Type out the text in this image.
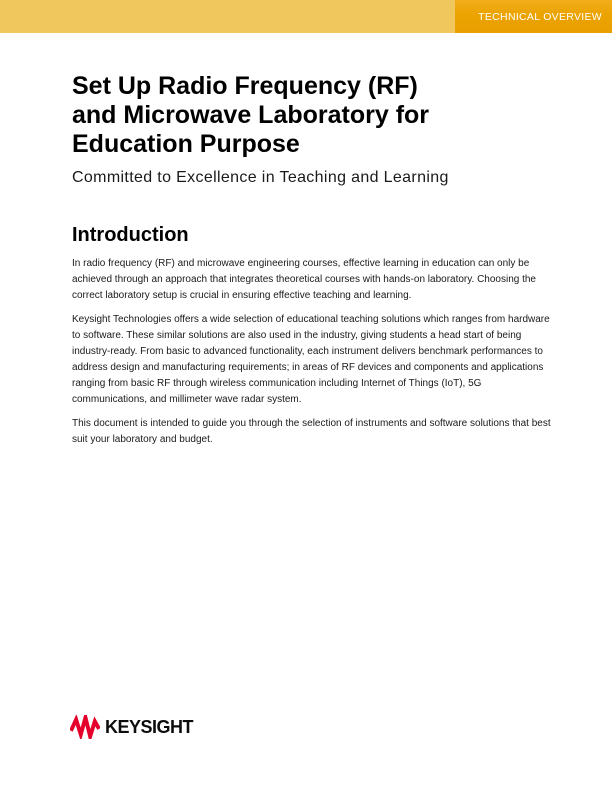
TECHNICAL OVERVIEW
Set Up Radio Frequency (RF)
and Microwave Laboratory for
Education Purpose
Committed to Excellence in Teaching and Learning
Introduction

In radio frequency (RF) and microwave engineering courses, effective learning in education can only be achieved through an approach that integrates theoretical courses with hands-on laboratory. Choosing the correct laboratory setup is crucial in ensuring effective teaching and learning.

Keysight Technologies offers a wide selection of educational teaching solutions which ranges from hardware to software. These similar solutions are also used in the industry, giving students a head start of being industry-ready. From basic to advanced functionality, each instrument delivers benchmark performances to address design and manufacturing requirements; in areas of RF devices and components and applications ranging from basic RF through wireless communication including Internet of Things (IoT), 5G
communications, and millimeter wave radar system.

This document is intended to guide you through the selection of instruments and software solutions that best suit your laboratory and budget.

KEYSIGHT
